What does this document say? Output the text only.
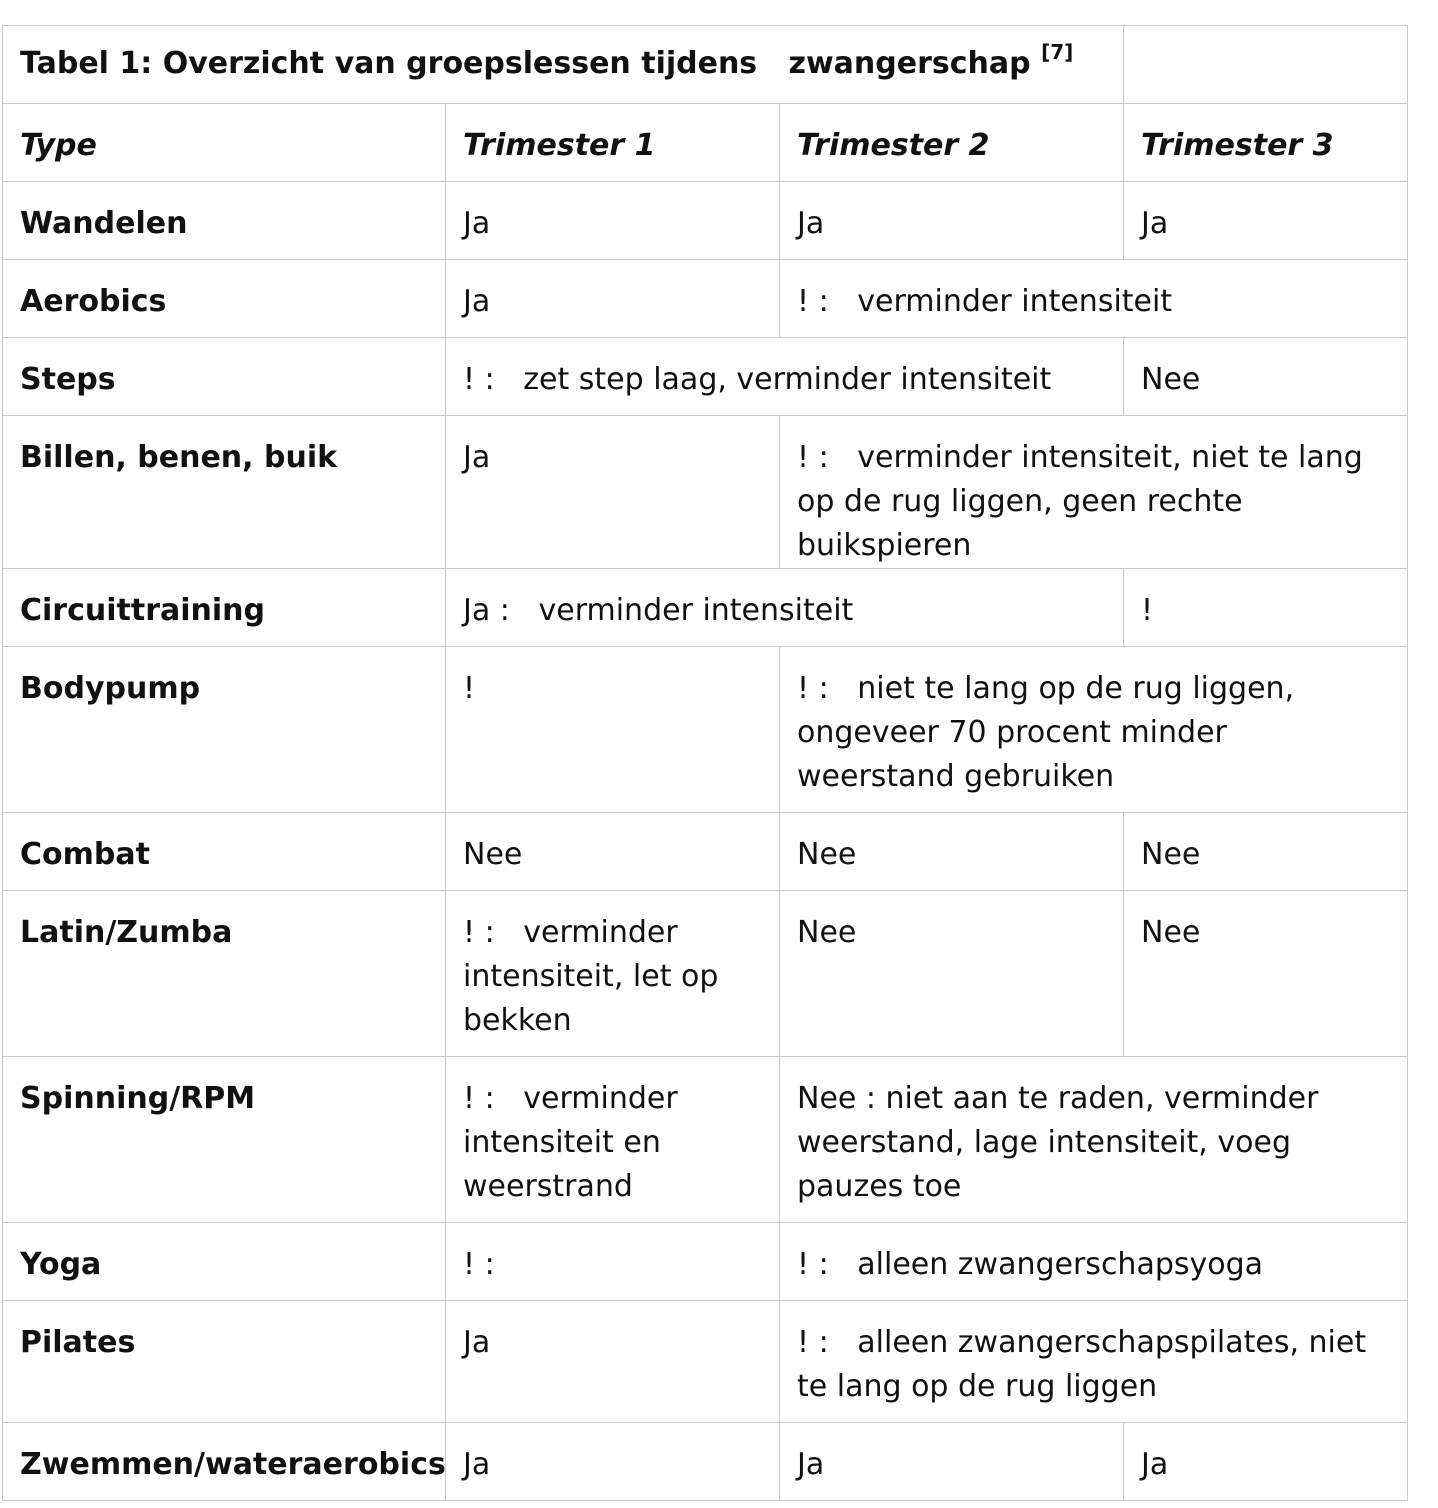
Tabel 1: Overzicht van groepslessen tijdens   zwangerschap [7]	
Type	Trimester 1	Trimester 2	Trimester 3
Wandelen	Ja	Ja	Ja
Aerobics	Ja	! :   verminder intensiteit	
Steps	! :   zet step laag, verminder intensiteit		Nee
Billen, benen, buik	Ja	! :   verminder intensiteit, niet te lang op de rug liggen, geen rechte buikspieren	
Circuittraining	Ja :   verminder intensiteit		!
Bodypump	!	! :   niet te lang op de rug liggen, ongeveer 70 procent minder weerstand gebruiken	
Combat	Nee	Nee	Nee
Latin/Zumba	! :   verminder intensiteit, let op bekken	Nee	Nee
Spinning/RPM	! :   verminder intensiteit en weerstrand	Nee : niet aan te raden, verminder weerstand, lage intensiteit, voeg pauzes toe	
Yoga	! :	! :   alleen zwangerschapsyoga	
Pilates	Ja	! :   alleen zwangerschapspilates, niet te lang op de rug liggen	
Zwemmen/wateraerobics	Ja	Ja	Ja
